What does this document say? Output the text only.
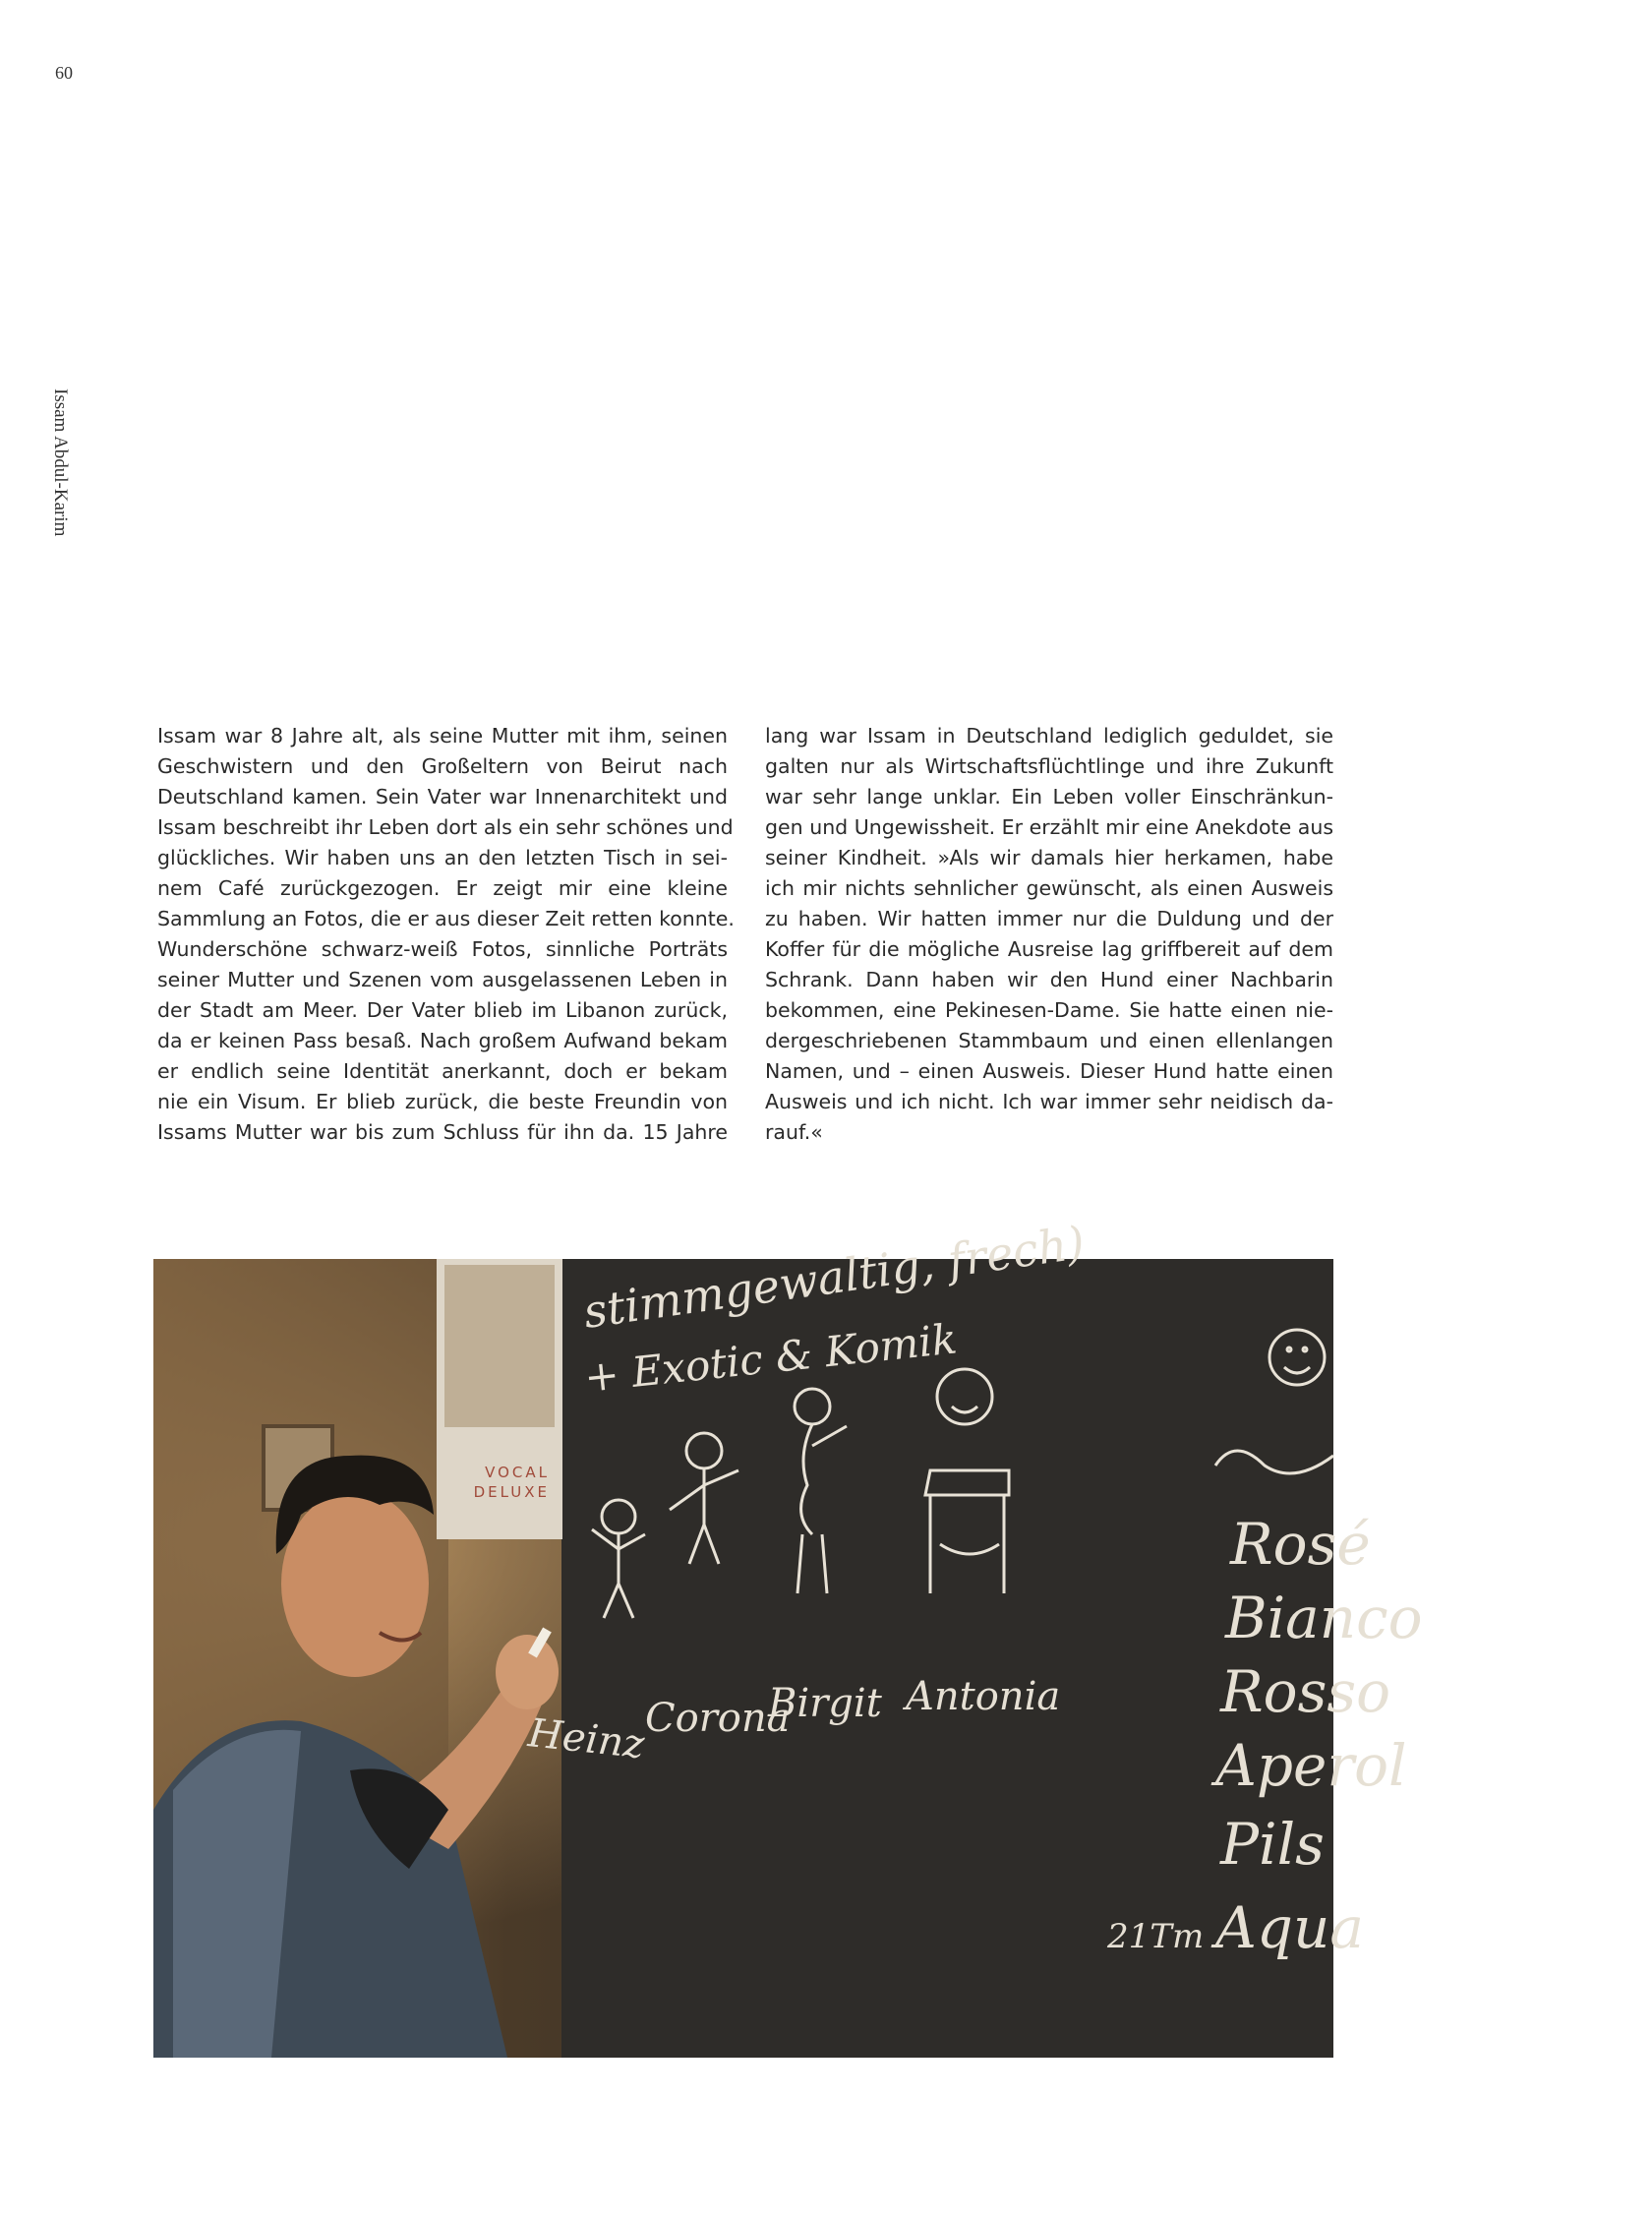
60
Issam Abdul-Karim
Issam war 8 Jahre alt, als seine Mutter mit ihm, seinen
Geschwistern und den Großeltern von Beirut nach
Deutschland kamen. Sein Vater war Innenarchitekt und
Issam beschreibt ihr Leben dort als ein sehr schönes und
glückliches. Wir haben uns an den letzten Tisch in sei-
nem Café zurückgezogen. Er zeigt mir eine kleine
Sammlung an Fotos, die er aus dieser Zeit retten konnte.
Wunderschöne schwarz-weiß Fotos, sinnliche Porträts
seiner Mutter und Szenen vom ausgelassenen Leben in
der Stadt am Meer. Der Vater blieb im Libanon zurück,
da er keinen Pass besaß. Nach großem Aufwand bekam
er endlich seine Identität anerkannt, doch er bekam
nie ein Visum. Er blieb zurück, die beste Freundin von
Issams Mutter war bis zum Schluss für ihn da. 15 Jahre
lang war Issam in Deutschland lediglich geduldet, sie
galten nur als Wirtschaftsflüchtlinge und ihre Zukunft
war sehr lange unklar. Ein Leben voller Einschränkun-
gen und Ungewissheit. Er erzählt mir eine Anekdote aus
seiner Kindheit. »Als wir damals hier herkamen, habe
ich mir nichts sehnlicher gewünscht, als einen Ausweis
zu haben. Wir hatten immer nur die Duldung und der
Koffer für die mögliche Ausreise lag griffbereit auf dem
Schrank. Dann haben wir den Hund einer Nachbarin
bekommen, eine Pekinesen-Dame. Sie hatte einen nie-
dergeschriebenen Stammbaum und einen ellenlangen
Namen, und – einen Ausweis. Dieser Hund hatte einen
Ausweis und ich nicht. Ich war immer sehr neidisch da-
rauf.«
VOCAL
DELUXE
stimmgewaltig, frech)
+ Exotic & Komik
Heinz
Corona
Birgit Antonia
Rosé
Bianco
Rosso
Aperol
Pils
Aqua
21Tm
